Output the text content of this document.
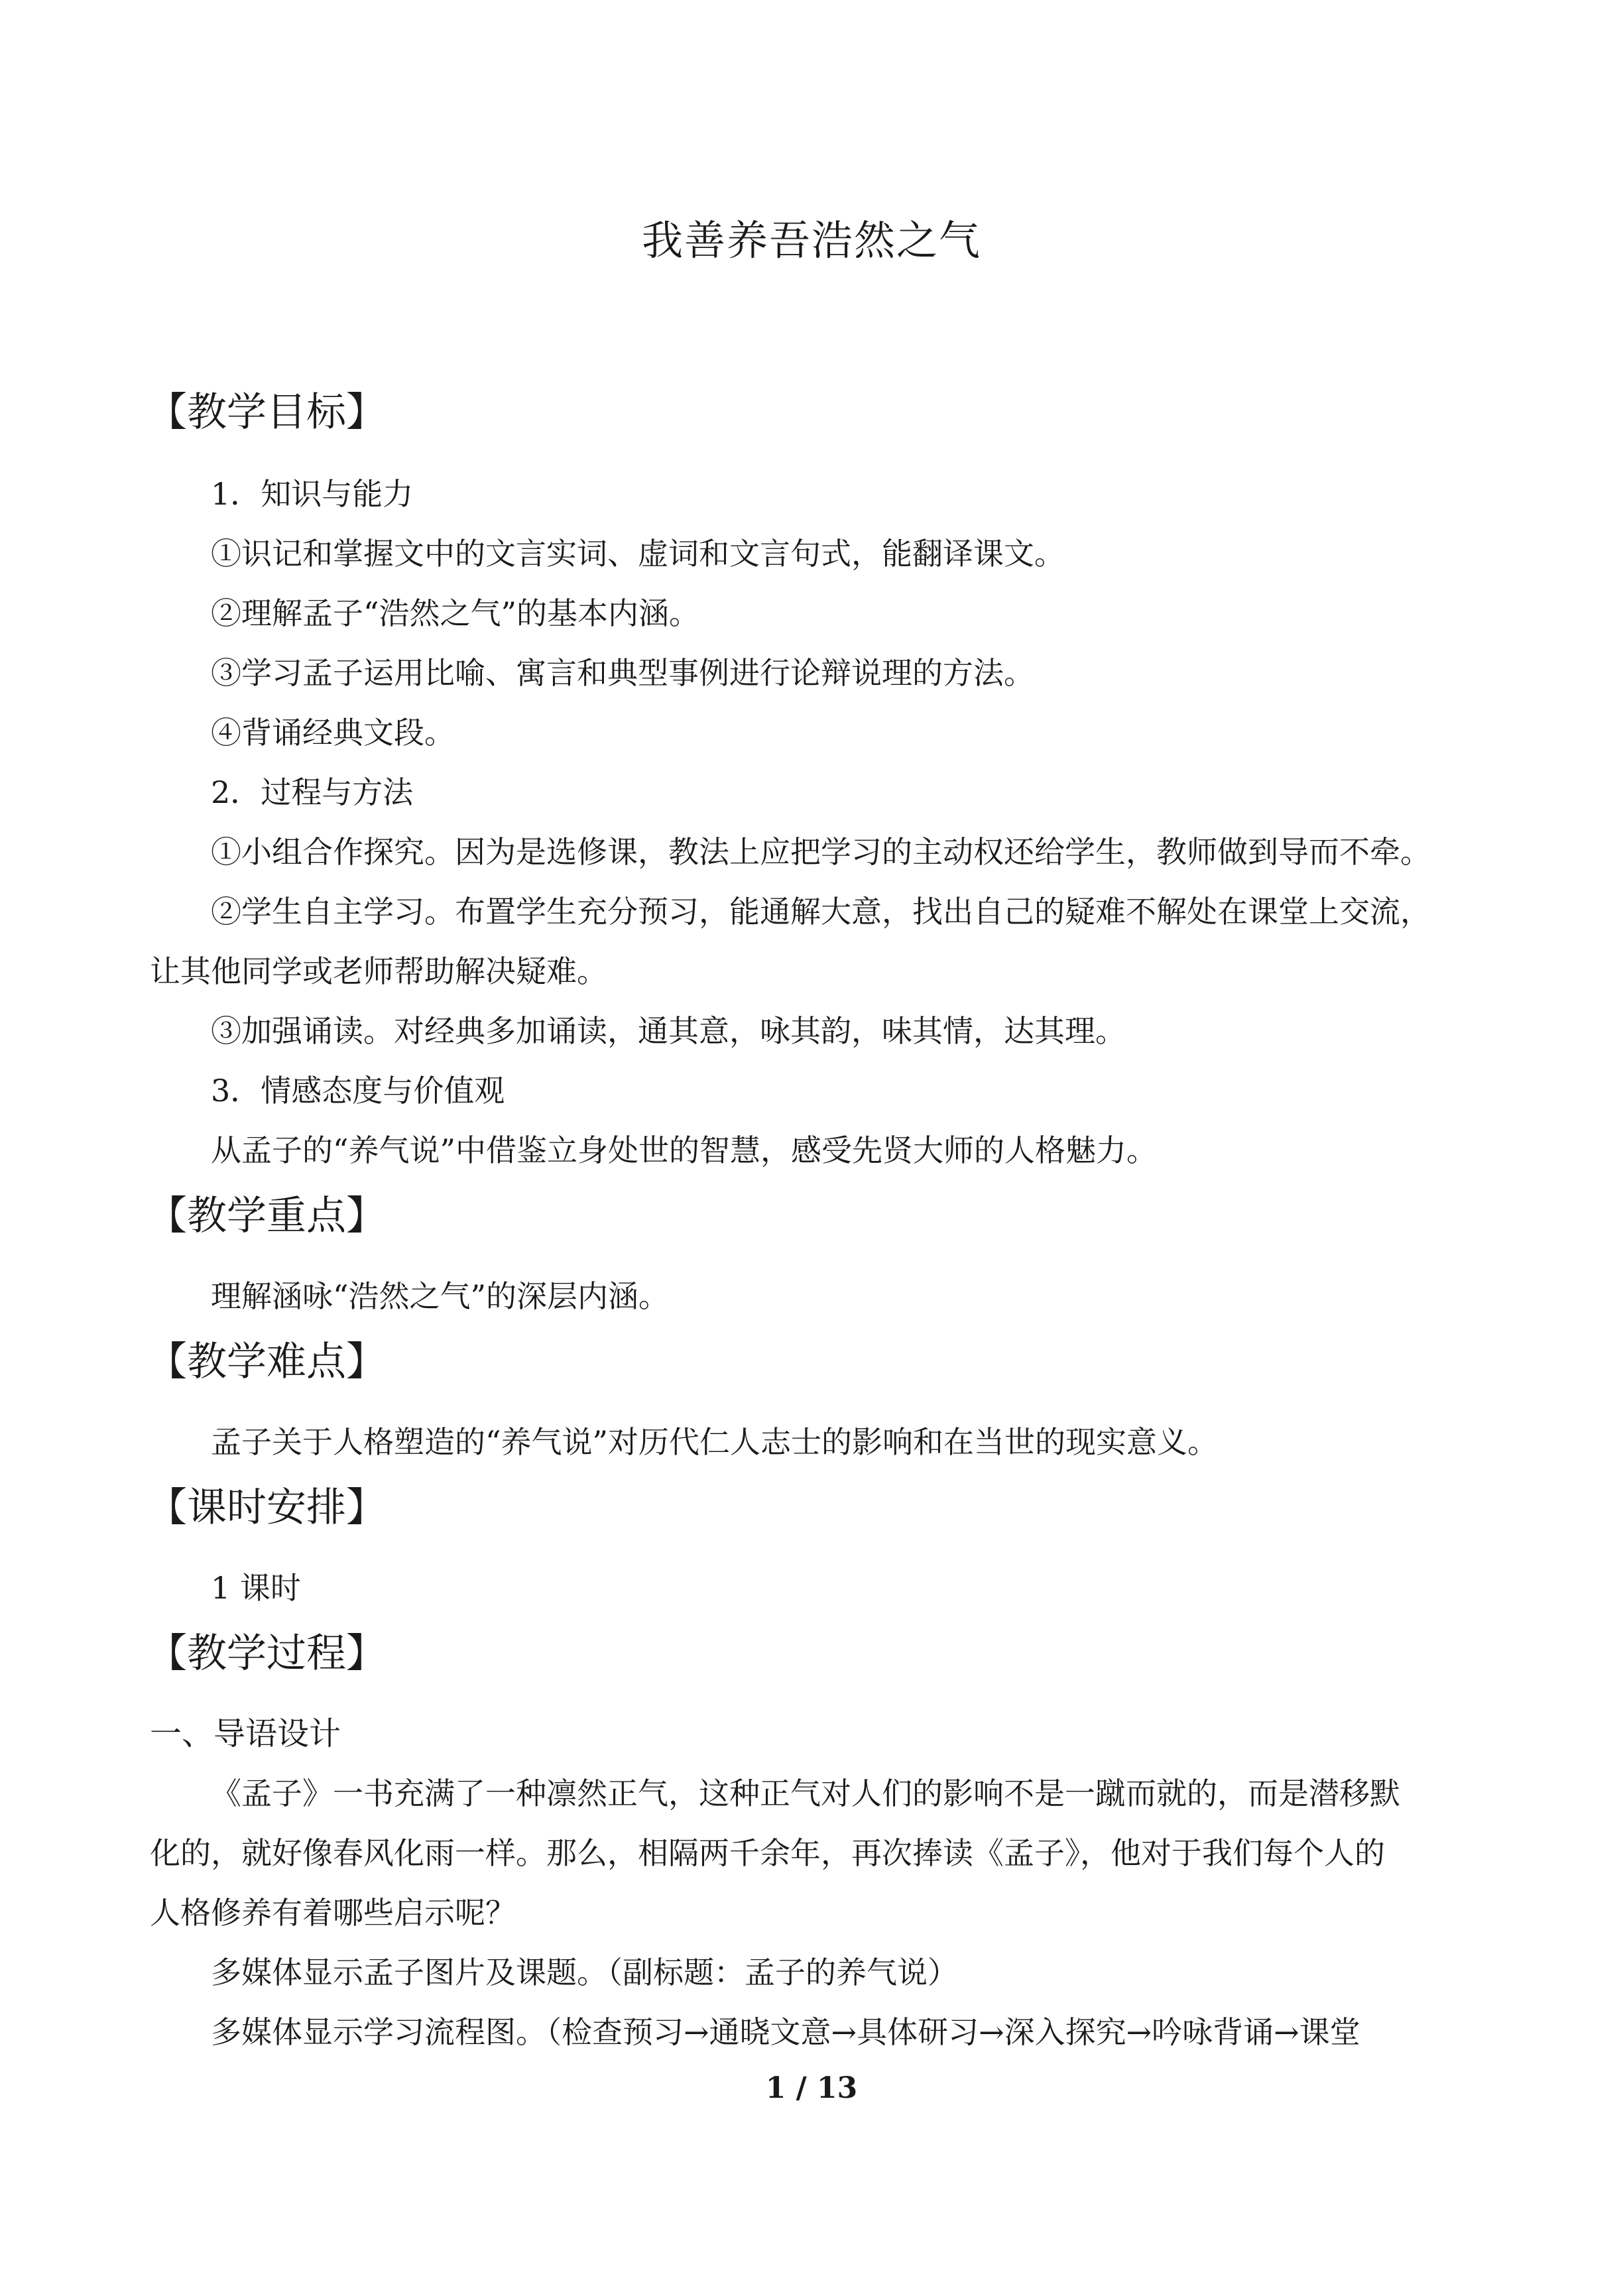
我善养吾浩然之气
【教学目标】
1．知识与能力
①识记和掌握文中的文言实词、虚词和文言句式，能翻译课文。
②理解孟子“浩然之气”的基本内涵。
③学习孟子运用比喻、寓言和典型事例进行论辩说理的方法。
④背诵经典文段。
2．过程与方法
①小组合作探究。因为是选修课，教法上应把学习的主动权还给学生，教师做到导而不牵。
②学生自主学习。布置学生充分预习，能通解大意，找出自己的疑难不解处在课堂上交流，
让其他同学或老师帮助解决疑难。
③加强诵读。对经典多加诵读，通其意，咏其韵，味其情，达其理。
3．情感态度与价值观
从孟子的“养气说”中借鉴立身处世的智慧，感受先贤大师的人格魅力。
【教学重点】
理解涵咏“浩然之气”的深层内涵。
【教学难点】
孟子关于人格塑造的“养气说”对历代仁人志士的影响和在当世的现实意义。
【课时安排】
1 课时
【教学过程】
一、导语设计
《孟子》一书充满了一种凛然正气，这种正气对人们的影响不是一蹴而就的，而是潜移默
化的，就好像春风化雨一样。那么，相隔两千余年，再次捧读《孟子》，他对于我们每个人的
人格修养有着哪些启示呢？
多媒体显示孟子图片及课题。（副标题：孟子的养气说）
多媒体显示学习流程图。（检查预习→通晓文意→具体研习→深入探究→吟咏背诵→课堂
1 / 13
